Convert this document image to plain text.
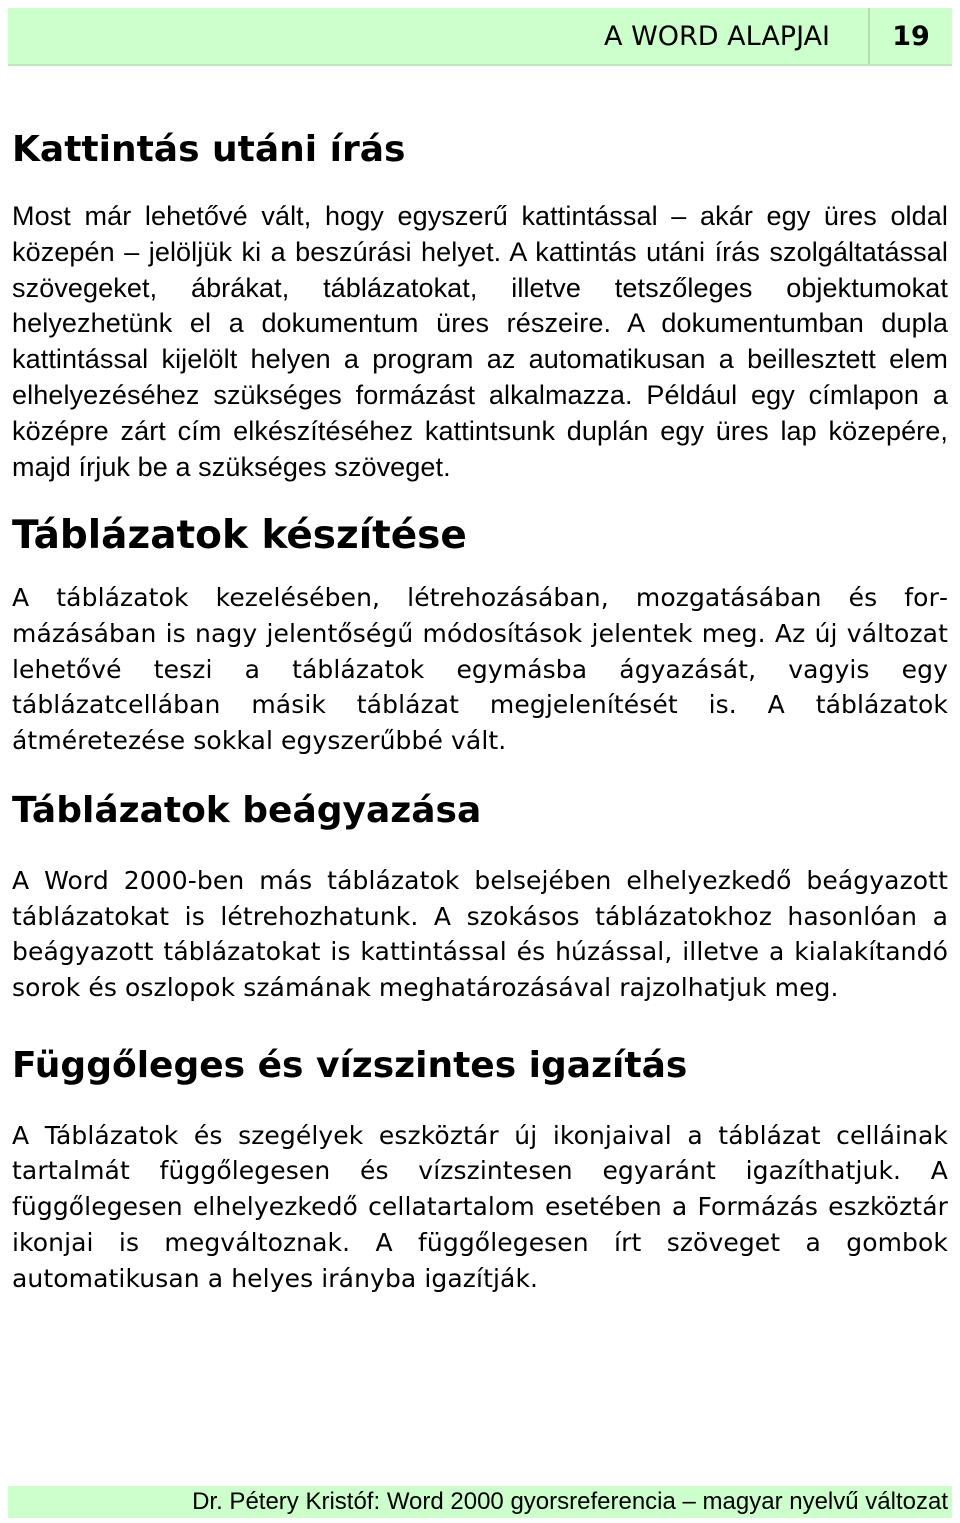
A WORD ALAPJAI	19
Kattintás utáni írás

Most már lehetővé vált, hogy egyszerű kattintással – akár egy üres oldal közepén – jelöljük ki a beszúrási helyet. A kattintás utáni írás szolgáltatással szövegeket, ábrákat, táblázatokat, illetve tetszőleges objektumokat helyezhetünk el a dokumentum üres részeire. A dokumentumban dupla kattintással kijelölt helyen a program az automatikusan a beillesztett elem elhelyezéséhez szükséges formázást alkalmazza. Például egy címlapon a középre zárt cím elkészítéséhez kattintsunk duplán egy üres lap közepére, majd írjuk be a szükséges szöveget.

Táblázatok készítése

A táblázatok kezelésében, létrehozásában, mozgatásában és formázásában is nagy jelentőségű módosítások jelentek meg. Az új változat lehetővé teszi a táblázatok egymásba ágyazását, vagyis egy táblázatcellában másik táblázat megjelenítését is. A táblázatok átméretezése sokkal egyszerűbbé vált.

Táblázatok beágyazása

A Word 2000-ben más táblázatok belsejében elhelyezkedő beágyazott táblázatokat is létrehozhatunk. A szokásos táblázatokhoz hasonlóan a beágyazott táblázatokat is kattintással és húzással, illetve a kialakítandó sorok és oszlopok számának meghatározásával rajzolhatjuk meg.

Függőleges és vízszintes igazítás

A Táblázatok és szegélyek eszköztár új ikonjaival a táblázat celláinak tartalmát függőlegesen és vízszintesen egyaránt igazíthatjuk. A függőlegesen elhelyezkedő cellatartalom esetében a Formázás eszköztár ikonjai is megváltoznak. A függőlegesen írt szöveget a gombok automatikusan a helyes irányba igazítják.

Dr. Pétery Kristóf: Word 2000 gyorsreferencia – magyar nyelvű változat
